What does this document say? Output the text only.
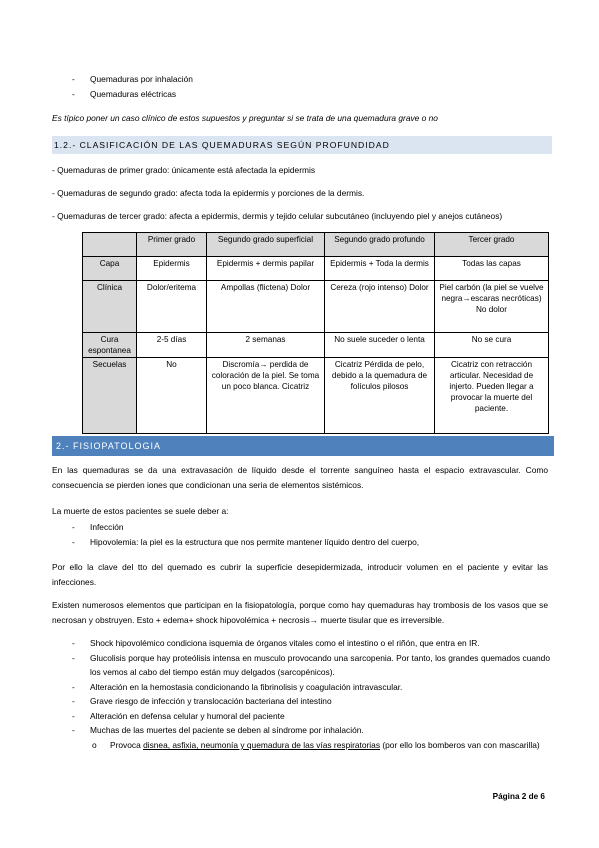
- Quemaduras por inhalación
- Quemaduras eléctricas
Es típico poner un caso clínico de estos supuestos y preguntar si se trata de una quemadura grave o no
1.2.- CLASIFICACIÓN DE LAS QUEMADURAS SEGÚN PROFUNDIDAD
- Quemaduras de primer grado: únicamente está afectada la epidermis
- Quemaduras de segundo grado: afecta toda la epidermis y porciones de la dermis.
- Quemaduras de tercer grado: afecta a epidermis, dermis y tejido celular subcutáneo (incluyendo piel y anejos cutáneos)
	Primer grado	Segundo grado superficial	Segundo grado profundo	Tercer grado
Capa	Epidermis	Epidermis + dermis papilar	Epidermis + Toda la dermis	Todas las capas
Clínica	Dolor/eritema	Ampollas (flictena) Dolor	Cereza (rojo intenso) Dolor	Piel carbón (la piel se vuelve negra→escaras necróticas) No dolor
Cura espontanea	2-5 días	2 semanas	No suele suceder o lenta	No se cura
Secuelas	No	Discromía→ perdida de coloración de la piel. Se toma un poco blanca. Cicatriz	Cicatriz Pérdida de pelo, debido a la quemadura de folículos pilosos	Cicatriz con retracción articular. Necesidad de injerto. Pueden llegar a provocar la muerte del paciente.
2.- FISIOPATOLOGIA
En las quemaduras se da una extravasación de líquido desde el torrente sanguíneo hasta el espacio extravascular. Como consecuencia se pierden iones que condicionan una seria de elementos sistémicos.
La muerte de estos pacientes se suele deber a:
- Infección
- Hipovolemia: la piel es la estructura que nos permite mantener líquido dentro del cuerpo,
Por ello la clave del tto del quemado es cubrir la superficie desepidermizada, introducir volumen en el paciente y evitar las infecciones.
Existen numerosos elementos que participan en la fisiopatología, porque como hay quemaduras hay trombosis de los vasos que se necrosan y obstruyen. Esto + edema+ shock hipovolémica + necrosis→ muerte tisular que es irreversible.
- Shock hipovolémico condiciona isquemia de órganos vitales como el intestino o el riñón, que entra en IR.
- Glucolisis porque hay proteólisis intensa en musculo provocando una sarcopenia. Por tanto, los grandes quemados cuando los vemos al cabo del tiempo están muy delgados (sarcopénicos).
- Alteración en la hemostasia condicionando la fibrinolisis y coagulación intravascular.
- Grave riesgo de infección y translocación bacteriana del intestino
- Alteración en defensa celular y humoral del paciente
- Muchas de las muertes del paciente se deben al síndrome por inhalación.
o Provoca disnea, asfixia, neumonía y quemadura de las vías respiratorias (por ello los bomberos van con mascarilla)
Página 2 de 6
